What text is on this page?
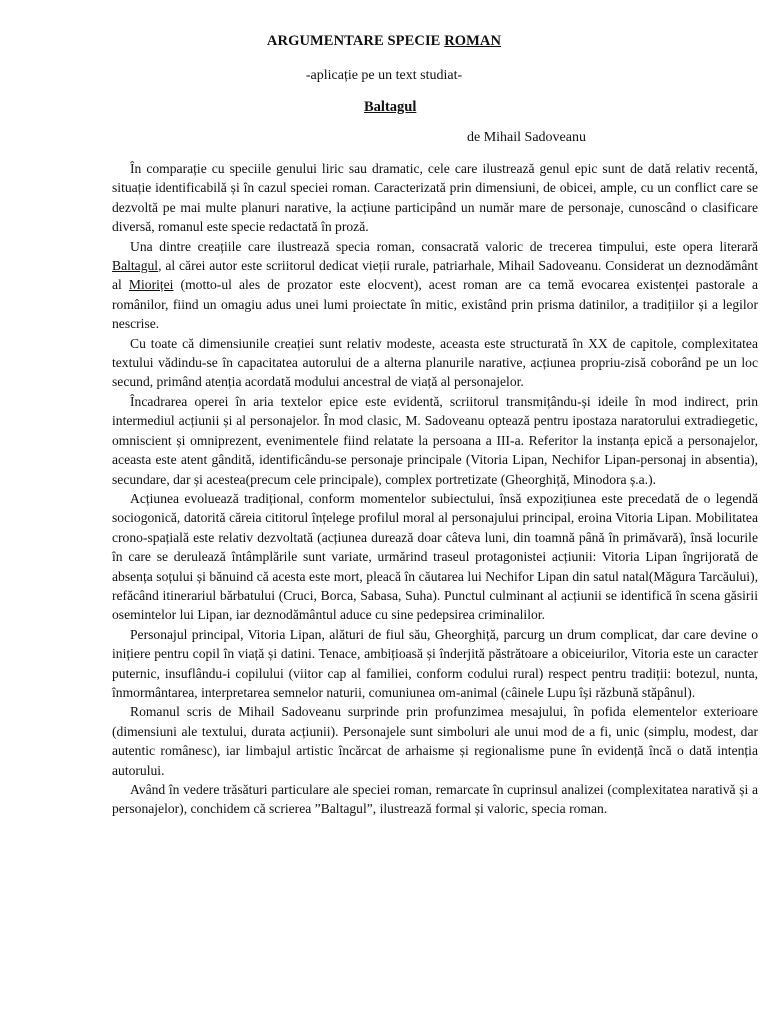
ARGUMENTARE SPECIE ROMAN
-aplicație pe un text studiat-
Baltagul
de Mihail Sadoveanu

În comparație cu speciile genului liric sau dramatic, cele care ilustrează genul epic sunt de dată relativ recentă, situație identificabilă și în cazul speciei roman. Caracterizată prin dimensiuni, de obicei, ample, cu un conflict care se dezvoltă pe mai multe planuri narative, la acțiune participând un număr mare de personaje, cunoscând o clasificare diversă, romanul este specie redactată în proză.

Una dintre creațiile care ilustrează specia roman, consacrată valoric de trecerea timpului, este opera literară Baltagul, al cărei autor este scriitorul dedicat vieții rurale, patriarhale, Mihail Sadoveanu. Considerat un deznodământ al Mioriței (motto-ul ales de prozator este elocvent), acest roman are ca temă evocarea existenței pastorale a românilor, fiind un omagiu adus unei lumi proiectate în mitic, existând prin prisma datinilor, a tradițiilor și a legilor nescrise.

Cu toate că dimensiunile creației sunt relativ modeste, aceasta este structurată în XX de capitole, complexitatea textului vădindu-se în capacitatea autorului de a alterna planurile narative, acțiunea propriu-zisă coborând pe un loc secund, primând atenția acordată modului ancestral de viață al personajelor.

Încadrarea operei în aria textelor epice este evidentă, scriitorul transmițându-și ideile în mod indirect, prin intermediul acțiunii și al personajelor. În mod clasic, M. Sadoveanu optează pentru ipostaza naratorului extradiegetic, omniscient și omniprezent, evenimentele fiind relatate la persoana a III-a. Referitor la instanța epică a personajelor, aceasta este atent gândită, identificându-se personaje principale (Vitoria Lipan, Nechifor Lipan-personaj in absentia), secundare, dar și acestea(precum cele principale), complex portretizate (Gheorghiță, Minodora ș.a.).

Acțiunea evoluează tradițional, conform momentelor subiectului, însă expozițiunea este precedată de o legendă sociogonică, datorită căreia cititorul înțelege profilul moral al personajului principal, eroina Vitoria Lipan. Mobilitatea crono-spațială este relativ dezvoltată (acțiunea durează doar câteva luni, din toamnă până în primăvară), însă locurile în care se derulează întâmplările sunt variate, urmărind traseul protagonistei acțiunii: Vitoria Lipan îngrijorată de absența soțului și bănuind că acesta este mort, pleacă în căutarea lui Nechifor Lipan din satul natal(Măgura Tarcăului), refăcând itinerariul bărbatului (Cruci, Borca, Sabasa, Suha). Punctul culminant al acțiunii se identifică în scena găsirii osemintelor lui Lipan, iar deznodământul aduce cu sine pedepsirea criminalilor.

Personajul principal, Vitoria Lipan, alături de fiul său, Gheorghiță, parcurg un drum complicat, dar care devine o inițiere pentru copil în viață și datini. Tenace, ambițioasă și înderjită păstrătoare a obiceiurilor, Vitoria este un caracter puternic, insuflându-i copilului (viitor cap al familiei, conform codului rural) respect pentru tradiții: botezul, nunta, înmormântarea, interpretarea semnelor naturii, comuniunea om-animal (câinele Lupu își răzbună stăpânul).

Romanul scris de Mihail Sadoveanu surprinde prin profunzimea mesajului, în pofida elementelor exterioare (dimensiuni ale textului, durata acțiunii). Personajele sunt simboluri ale unui mod de a fi, unic (simplu, modest, dar autentic românesc), iar limbajul artistic încărcat de arhaisme și regionalisme pune în evidență încă o dată intenția autorului.

Având în vedere trăsături particulare ale speciei roman, remarcate în cuprinsul analizei (complexitatea narativă și a personajelor), conchidem că scrierea ”Baltagul”, ilustrează formal și valoric, specia roman.
